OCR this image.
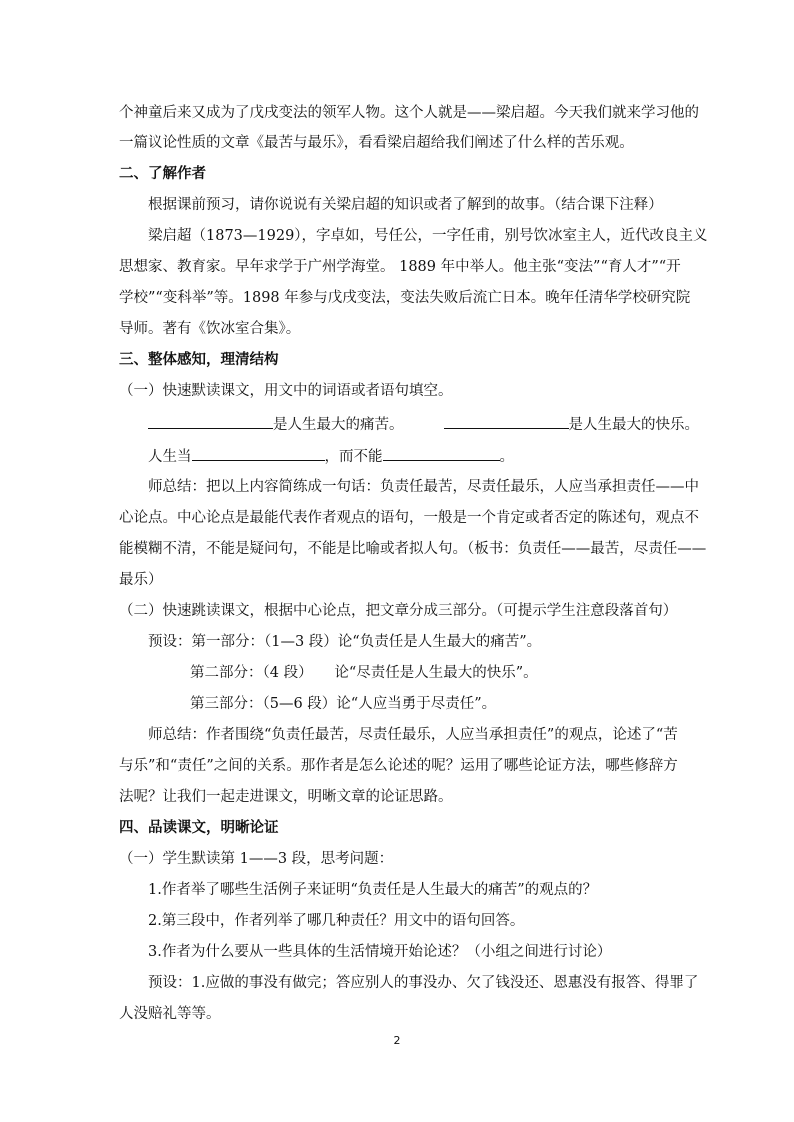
个神童后来又成为了戊戌变法的领军人物。这个人就是——梁启超。今天我们就来学习他的
一篇议论性质的文章《最苦与最乐》，看看梁启超给我们阐述了什么样的苦乐观。
二、了解作者
根据课前预习，请你说说有关梁启超的知识或者了解到的故事。（结合课下注释）
梁启超（1873—1929），字卓如，号任公，一字任甫，别号饮冰室主人，近代改良主义
思想家、教育家。早年求学于广州学海堂。 1889 年中举人。他主张“变法”“育人才”“开
学校”“变科举”等。1898 年参与戊戌变法，变法失败后流亡日本。晚年任清华学校研究院
导师。著有《饮冰室合集》。
三、整体感知，理清结构
（一）快速默读课文，用文中的词语或者语句填空。
是人生最大的痛苦。	是人生最大的快乐。
人生当	，而不能	。
师总结：把以上内容简练成一句话：负责任最苦，尽责任最乐，人应当承担责任——中
心论点。中心论点是最能代表作者观点的语句，一般是一个肯定或者否定的陈述句，观点不
能模糊不清，不能是疑问句，不能是比喻或者拟人句。（板书：负责任——最苦，尽责任——
最乐）
（二）快速跳读课文，根据中心论点，把文章分成三部分。（可提示学生注意段落首句）
预设：第一部分：（1—3 段）论“负责任是人生最大的痛苦”。
第二部分：（4 段）　　论“尽责任是人生最大的快乐”。
第三部分：（5—6 段）论“人应当勇于尽责任”。
师总结：作者围绕“负责任最苦，尽责任最乐，人应当承担责任”的观点，论述了“苦
与乐”和“责任”之间的关系。那作者是怎么论述的呢？运用了哪些论证方法，哪些修辞方
法呢？让我们一起走进课文，明晰文章的论证思路。
四、品读课文，明晰论证
（一）学生默读第 1——3 段，思考问题：
1.作者举了哪些生活例子来证明“负责任是人生最大的痛苦”的观点的？
2.第三段中，作者列举了哪几种责任？用文中的语句回答。
3.作者为什么要从一些具体的生活情境开始论述？（小组之间进行讨论）
预设：1.应做的事没有做完；答应别人的事没办、欠了钱没还、恩惠没有报答、得罪了
人没赔礼等等。
2
